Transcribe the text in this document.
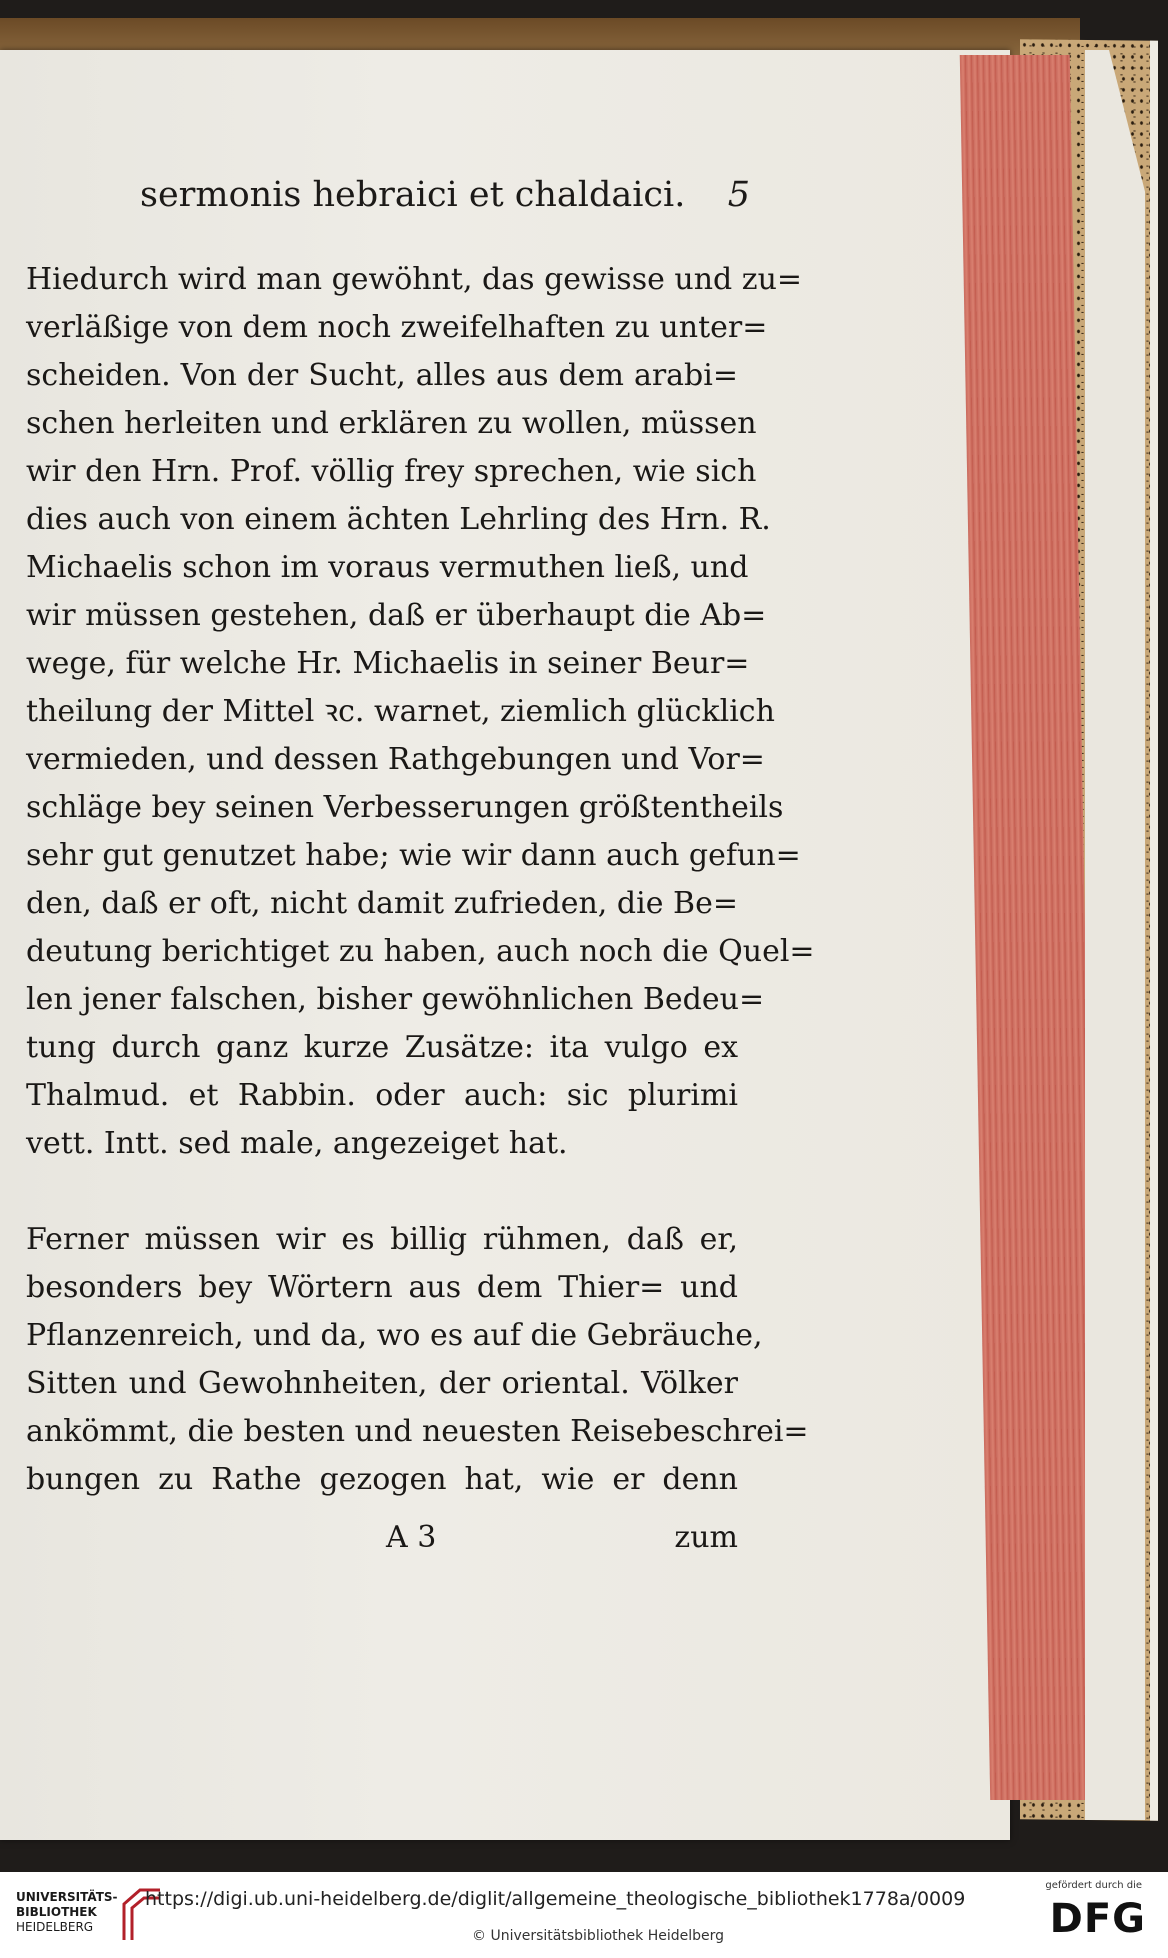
sermonis hebraici et chaldaici. 5
Hiedurch wird man gewöhnt, das gewisse und zu=
verläßige von dem noch zweifelhaften zu unter=
scheiden. Von der Sucht, alles aus dem arabi=
schen herleiten und erklären zu wollen, müssen
wir den Hrn. Prof. völlig frey sprechen, wie sich
dies auch von einem ächten Lehrling des Hrn. R.
Michaelis schon im voraus vermuthen ließ, und
wir müssen gestehen, daß er überhaupt die Ab=
wege, für welche Hr. Michaelis in seiner Beur=
theilung der Mittel ꝛc. warnet, ziemlich glücklich
vermieden, und dessen Rathgebungen und Vor=
schläge bey seinen Verbesserungen größtentheils
sehr gut genutzet habe; wie wir dann auch gefun=
den, daß er oft, nicht damit zufrieden, die Be=
deutung berichtiget zu haben, auch noch die Quel=
len jener falschen, bisher gewöhnlichen Bedeu=
tung durch ganz kurze Zusätze: ita vulgo ex
Thalmud. et Rabbin. oder auch: sic plurimi
vett. Intt. sed male, angezeiget hat.
Ferner müssen wir es billig rühmen, daß er,
besonders bey Wörtern aus dem Thier= und
Pflanzenreich, und da, wo es auf die Gebräuche,
Sitten und Gewohnheiten, der oriental. Völker
ankömmt, die besten und neuesten Reisebeschrei=
bungen zu Rathe gezogen hat, wie er denn
A 3	zum
UNIVERSITÄTS-
BIBLIOTHEK
HEIDELBERG
https://digi.ub.uni-heidelberg.de/diglit/allgemeine_theologische_bibliothek1778a/0009
© Universitätsbibliothek Heidelberg
gefördert durch die
DFG
